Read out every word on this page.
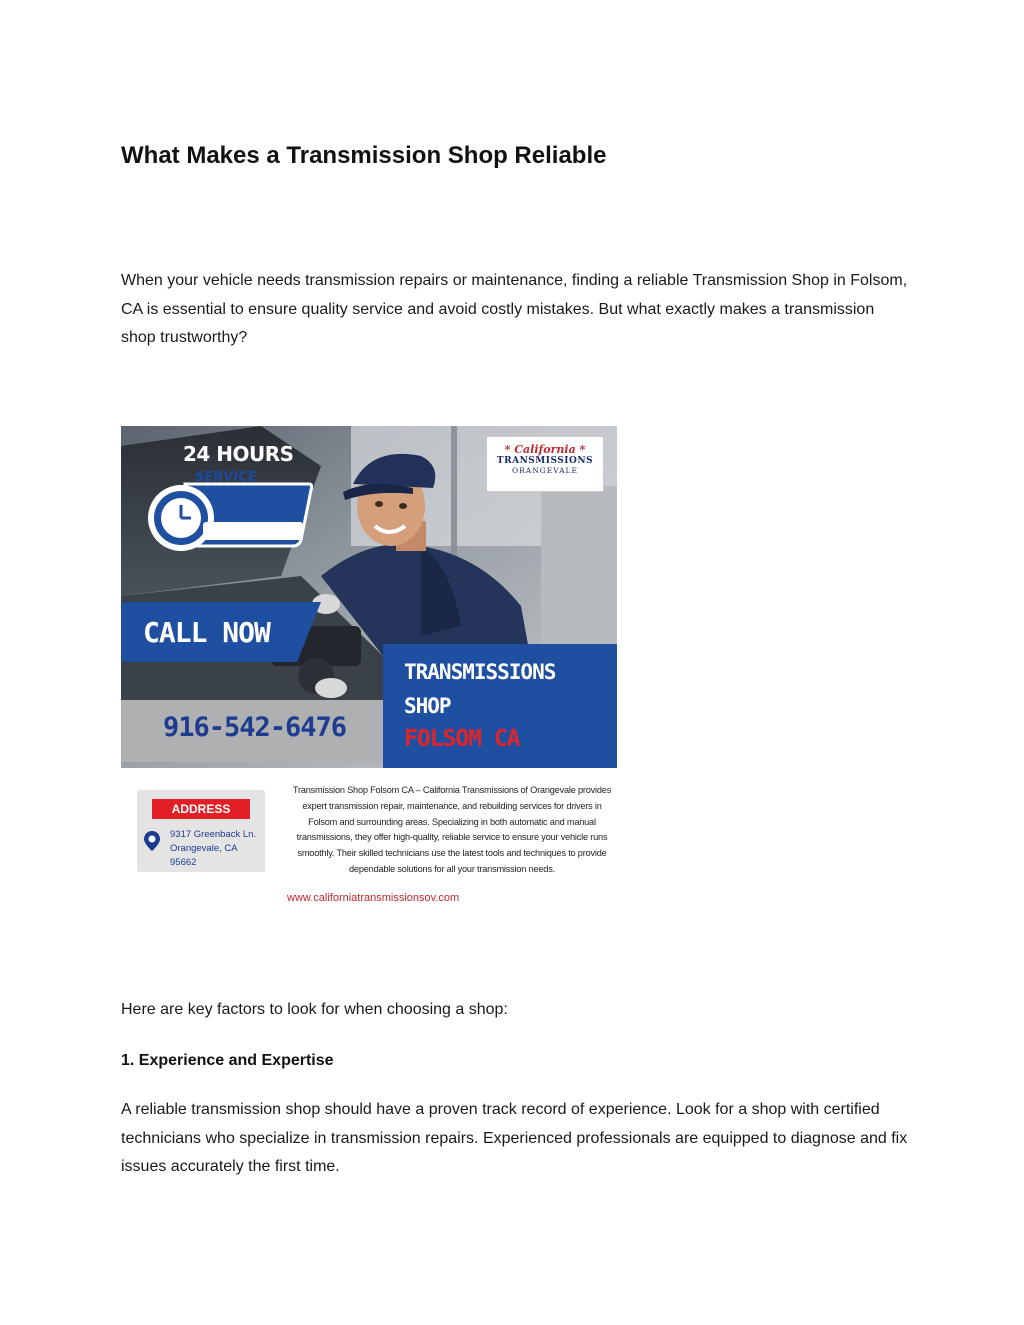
What Makes a Transmission Shop Reliable

When your vehicle needs transmission repairs or maintenance, finding a reliable Transmission Shop in Folsom, CA is essential to ensure quality service and avoid costly mistakes. But what exactly makes a transmission shop trustworthy?

* California *
TRANSMISSIONS
ORANGEVALE
24 HOURS
SERVICE
CALL NOW
916-542-6476
TRANSMISSIONS
SHOP
FOLSOM CA
ADDRESS
9317 Greenback Ln. Orangevale, CA 95662
Transmission Shop Folsom CA – California Transmissions of Orangevale provides expert transmission repair, maintenance, and rebuilding services for drivers in Folsom and surrounding areas. Specializing in both automatic and manual transmissions, they offer high-quality, reliable service to ensure your vehicle runs smoothly. Their skilled technicians use the latest tools and techniques to provide dependable solutions for all your transmission needs.
www.californiatransmissionsov.com

Here are key factors to look for when choosing a shop:

1. Experience and Expertise

A reliable transmission shop should have a proven track record of experience. Look for a shop with certified technicians who specialize in transmission repairs. Experienced professionals are equipped to diagnose and fix issues accurately the first time.
